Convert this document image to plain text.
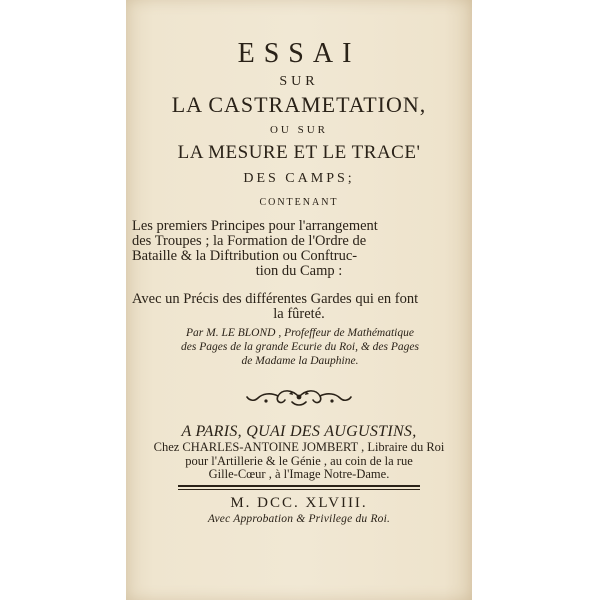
ESSAI
SUR
LA CASTRAMETATION,
OU SUR
LA MESURE ET LE TRACE'
DES CAMPS;
CONTENANT
Les premiers Principes pour l'arrangement
des Troupes ; la Formation de l'Ordre de
Bataille & la Diftribution ou Conftruc-
tion du Camp :
Avec un Précis des différentes Gardes qui en font
la fûreté.
Par M. LE BLOND , Profeffeur de Mathématique
des Pages de la grande Ecurie du Roi, & des Pages
de Madame la Dauphine.
A PARIS, QUAI DES AUGUSTINS,
Chez CHARLES-ANTOINE JOMBERT , Libraire du Roi
pour l'Artillerie & le Génie , au coin de la rue
Gille-Cœur , à l'Image Notre-Dame.
M. DCC. XLVIII.
Avec Approbation & Privilege du Roi.
